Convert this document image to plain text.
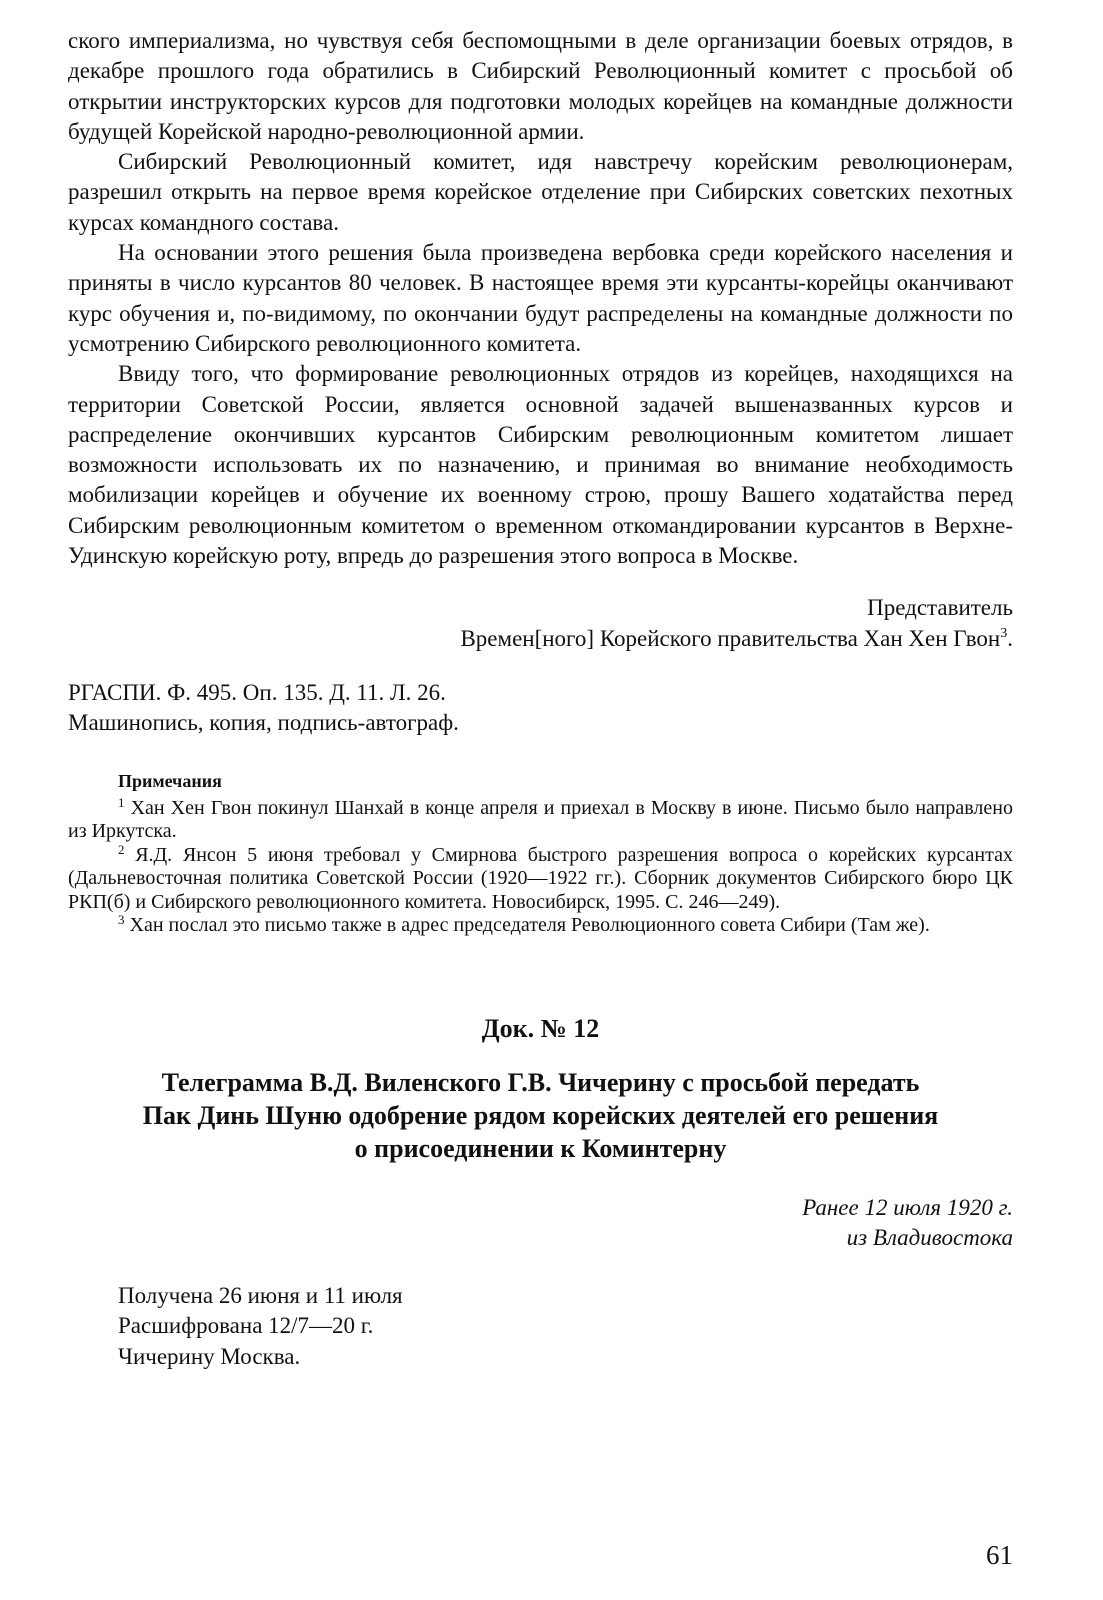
ского империализма, но чувствуя себя беспомощными в деле организации боевых отрядов, в декабре прошлого года обратились в Сибирский Революционный комитет с просьбой об открытии инструкторских курсов для подготовки молодых корейцев на командные должности будущей Корейской народно-революционной армии.

Сибирский Революционный комитет, идя навстречу корейским революционерам, разрешил открыть на первое время корейское отделение при Сибирских советских пехотных курсах командного состава.

На основании этого решения была произведена вербовка среди корейского населения и приняты в число курсантов 80 человек. В настоящее время эти курсанты-корейцы оканчивают курс обучения и, по-видимому, по окончании будут распределены на командные должности по усмотрению Сибирского революционного комитета.

Ввиду того, что формирование революционных отрядов из корейцев, находящихся на территории Советской России, является основной задачей вышеназванных курсов и распределение окончивших курсантов Сибирским революционным комитетом лишает возможности использовать их по назначению, и принимая во внимание необходимость мобилизации корейцев и обучение их военному строю, прошу Вашего ходатайства перед Сибирским революционным комитетом о временном откомандировании курсантов в Верхне-Удинскую корейскую роту, впредь до разрешения этого вопроса в Москве.

Представитель
Времен[ного] Корейского правительства Хан Хен Гвон$^3$.
РГАСПИ. Ф. 495. Оп. 135. Д. 11. Л. 26.
Машинопись, копия, подпись-автограф.
Примечания

$^1$ Хан Хен Гвон покинул Шанхай в конце апреля и приехал в Москву в июне. Письмо было направлено из Иркутска.

$^2$ Я.Д. Янсон 5 июня требовал у Смирнова быстрого разрешения вопроса о корейских курсантах (Дальневосточная политика Советской России (1920—1922 гг.). Сборник документов Сибирского бюро ЦК РКП(б) и Сибирского революционного комитета. Новосибирск, 1995. С. 246—249).

$^3$ Хан послал это письмо также в адрес председателя Революционного совета Сибири (Там же).

Док. № 12
Телеграмма В.Д. Виленского Г.В. Чичерину с просьбой передать
Пак Динь Шуню одобрение рядом корейских деятелей его решения
о присоединении к Коминтерну
Ранее 12 июля 1920 г.
из Владивостока
Получена 26 июня и 11 июля
Расшифрована 12/7—20 г.
Чичерину Москва.
61
